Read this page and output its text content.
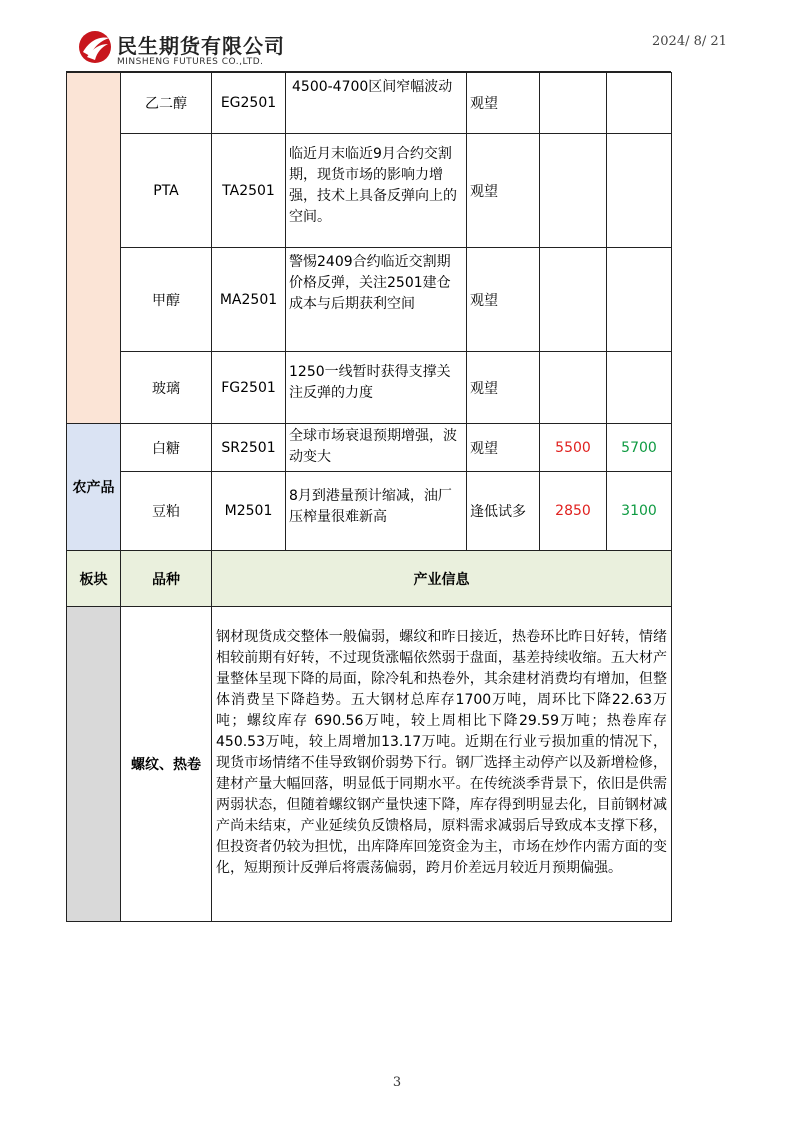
民生期货有限公司
MINSHENG FUTURES CO.,LTD.
2024/ 8/ 21
	乙二醇	EG2501	4500-4700区间窄幅波动	观望		
	PTA	TA2501	临近月末临近9月合约交割期，现货市场的影响力增强，技术上具备反弹向上的空间。	观望		
	甲醇	MA2501	警惕2409合约临近交割期价格反弹，关注2501建仓成本与后期获利空间	观望		
	玻璃	FG2501	1250一线暂时获得支撑关注反弹的力度	观望		
农产品	白糖	SR2501	全球市场衰退预期增强，波动变大	观望	5500	5700
	豆粕	M2501	8月到港量预计缩减，油厂压榨量很难新高	逢低试多	2850	3100
板块	品种	产业信息
	螺纹、热卷	钢材现货成交整体一般偏弱，螺纹和昨日接近，热卷环比昨日好转，情绪相较前期有好转，不过现货涨幅依然弱于盘面，基差持续收缩。五大材产量整体呈现下降的局面，除冷轧和热卷外，其余建材消费均有增加，但整体消费呈下降趋势。五大钢材总库存1700万吨，周环比下降22.63万吨；螺纹库存 690.56万吨，较上周相比下降29.59万吨；热卷库存450.53万吨，较上周增加13.17万吨。近期在行业亏损加重的情况下，现货市场情绪不佳导致钢价弱势下行。钢厂选择主动停产以及新增检修，建材产量大幅回落，明显低于同期水平。在传统淡季背景下，依旧是供需两弱状态，但随着螺纹钢产量快速下降，库存得到明显去化，目前钢材减产尚未结束，产业延续负反馈格局，原料需求减弱后导致成本支撑下移，但投资者仍较为担忧，出库降库回笼资金为主，市场在炒作内需方面的变化，短期预计反弹后将震荡偏弱，跨月价差远月较近月预期偏强。
3
